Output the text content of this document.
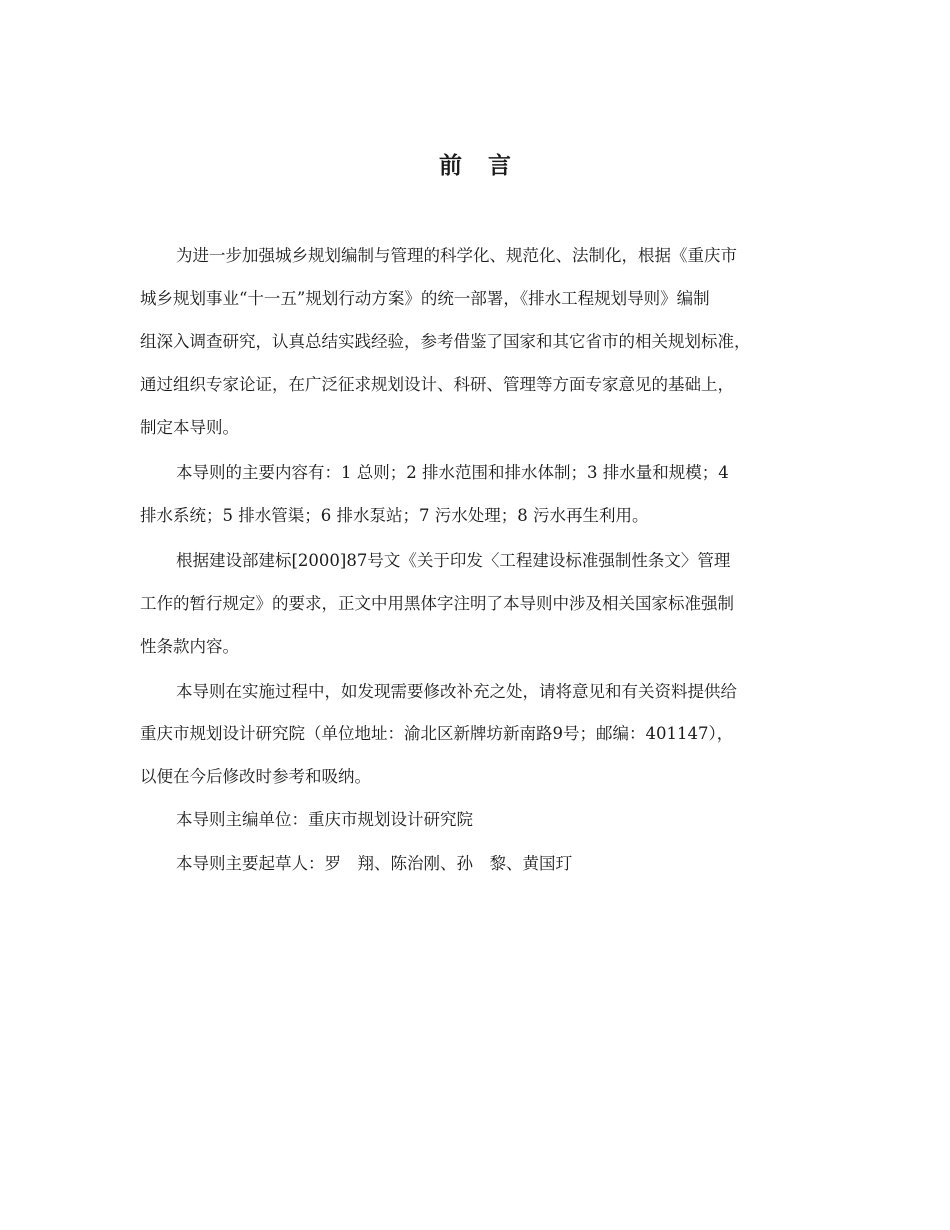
前 言
为进一步加强城乡规划编制与管理的科学化、规范化、法制化，根据《重庆市
城乡规划事业“十一五”规划行动方案》的统一部署，《排水工程规划导则》编制
组深入调查研究，认真总结实践经验，参考借鉴了国家和其它省市的相关规划标准，
通过组织专家论证，在广泛征求规划设计、科研、管理等方面专家意见的基础上，
制定本导则。
本导则的主要内容有：1 总则；2 排水范围和排水体制；3 排水量和规模；4
排水系统；5 排水管渠；6 排水泵站；7 污水处理；8 污水再生利用。
根据建设部建标[2000]87号文《关于印发〈工程建设标准强制性条文〉管理
工作的暂行规定》的要求，正文中用黑体字注明了本导则中涉及相关国家标准强制
性条款内容。
本导则在实施过程中，如发现需要修改补充之处，请将意见和有关资料提供给
重庆市规划设计研究院（单位地址：渝北区新牌坊新南路9号；邮编：401147），
以便在今后修改时参考和吸纳。
本导则主编单位：重庆市规划设计研究院
本导则主要起草人：罗　翔、陈治刚、孙　黎、黄国玎
